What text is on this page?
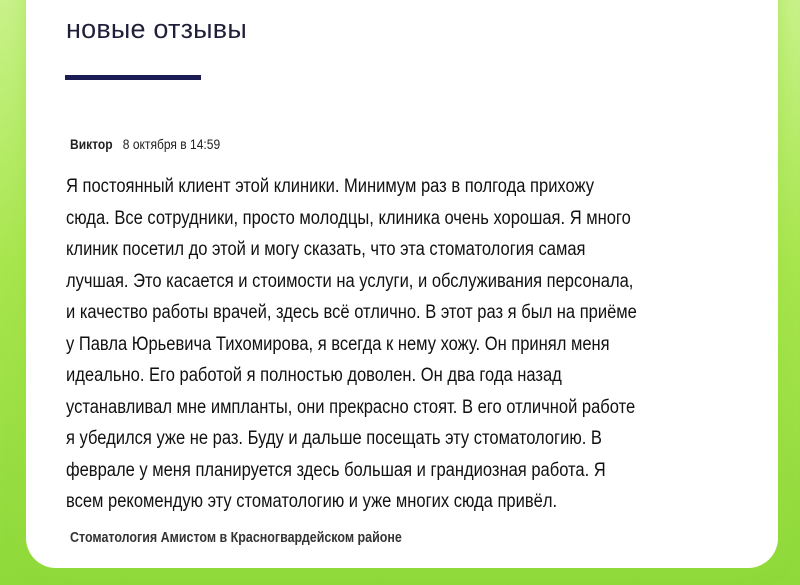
новые отзывы
Виктор 8 октября в 14:59

Я постоянный клиент этой клиники. Минимум раз в полгода прихожу
сюда. Все сотрудники, просто молодцы, клиника очень хорошая. Я много
клиник посетил до этой и могу сказать, что эта стоматология самая
лучшая. Это касается и стоимости на услуги, и обслуживания персонала,
и качество работы врачей, здесь всё отлично. В этот раз я был на приёме
у Павла Юрьевича Тихомирова, я всегда к нему хожу. Он принял меня
идеально. Его работой я полностью доволен. Он два года назад
устанавливал мне импланты, они прекрасно стоят. В его отличной работе
я убедился уже не раз. Буду и дальше посещать эту стоматологию. В
феврале у меня планируется здесь большая и грандиозная работа. Я
всем рекомендую эту стоматологию и уже многих сюда привёл.

Стоматология Амистом в Красногвардейском районе
